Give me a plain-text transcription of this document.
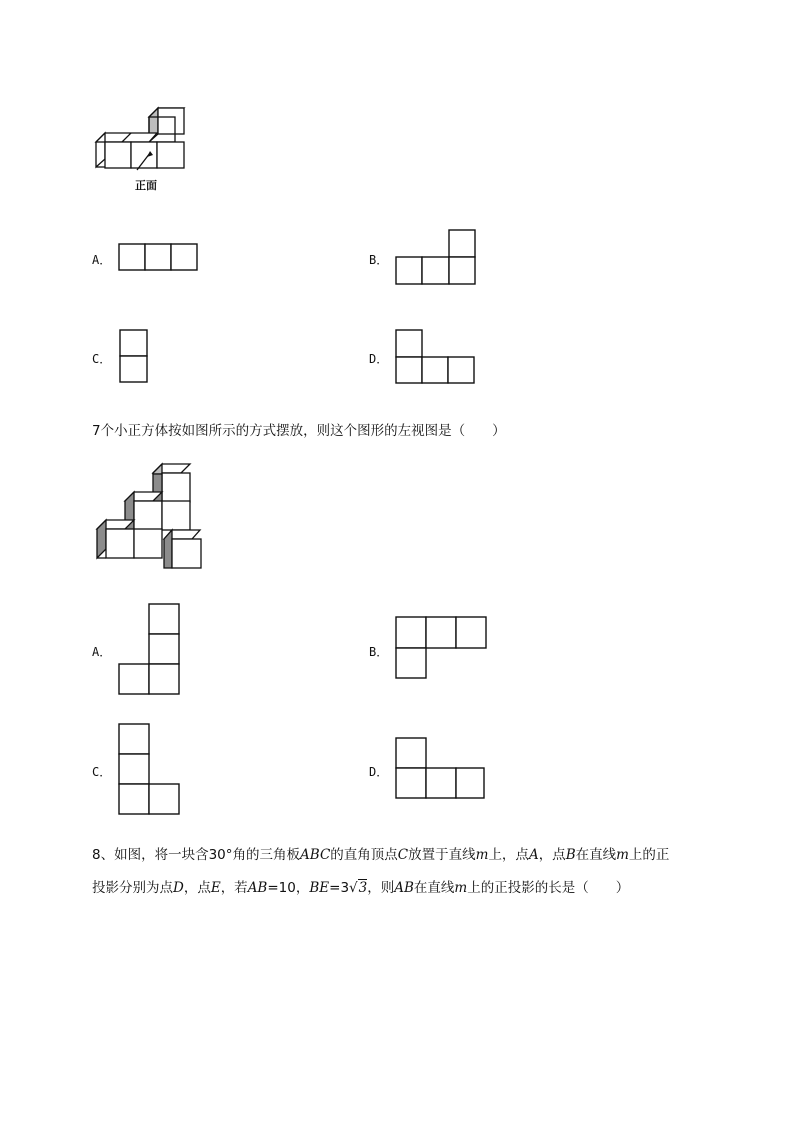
正面
A．	B．
C．	D．
7个小正方体按如图所示的方式摆放，则这个图形的左视图是（　　）
A．	B．
C．	D．
8、如图，将一块含30°角的三角板ABC的直角顶点C放置于直线m上，点A，点B在直线m上的正
投影分别为点D，点E，若AB=10，BE=3√3，则AB在直线m上的正投影的长是（　　）
